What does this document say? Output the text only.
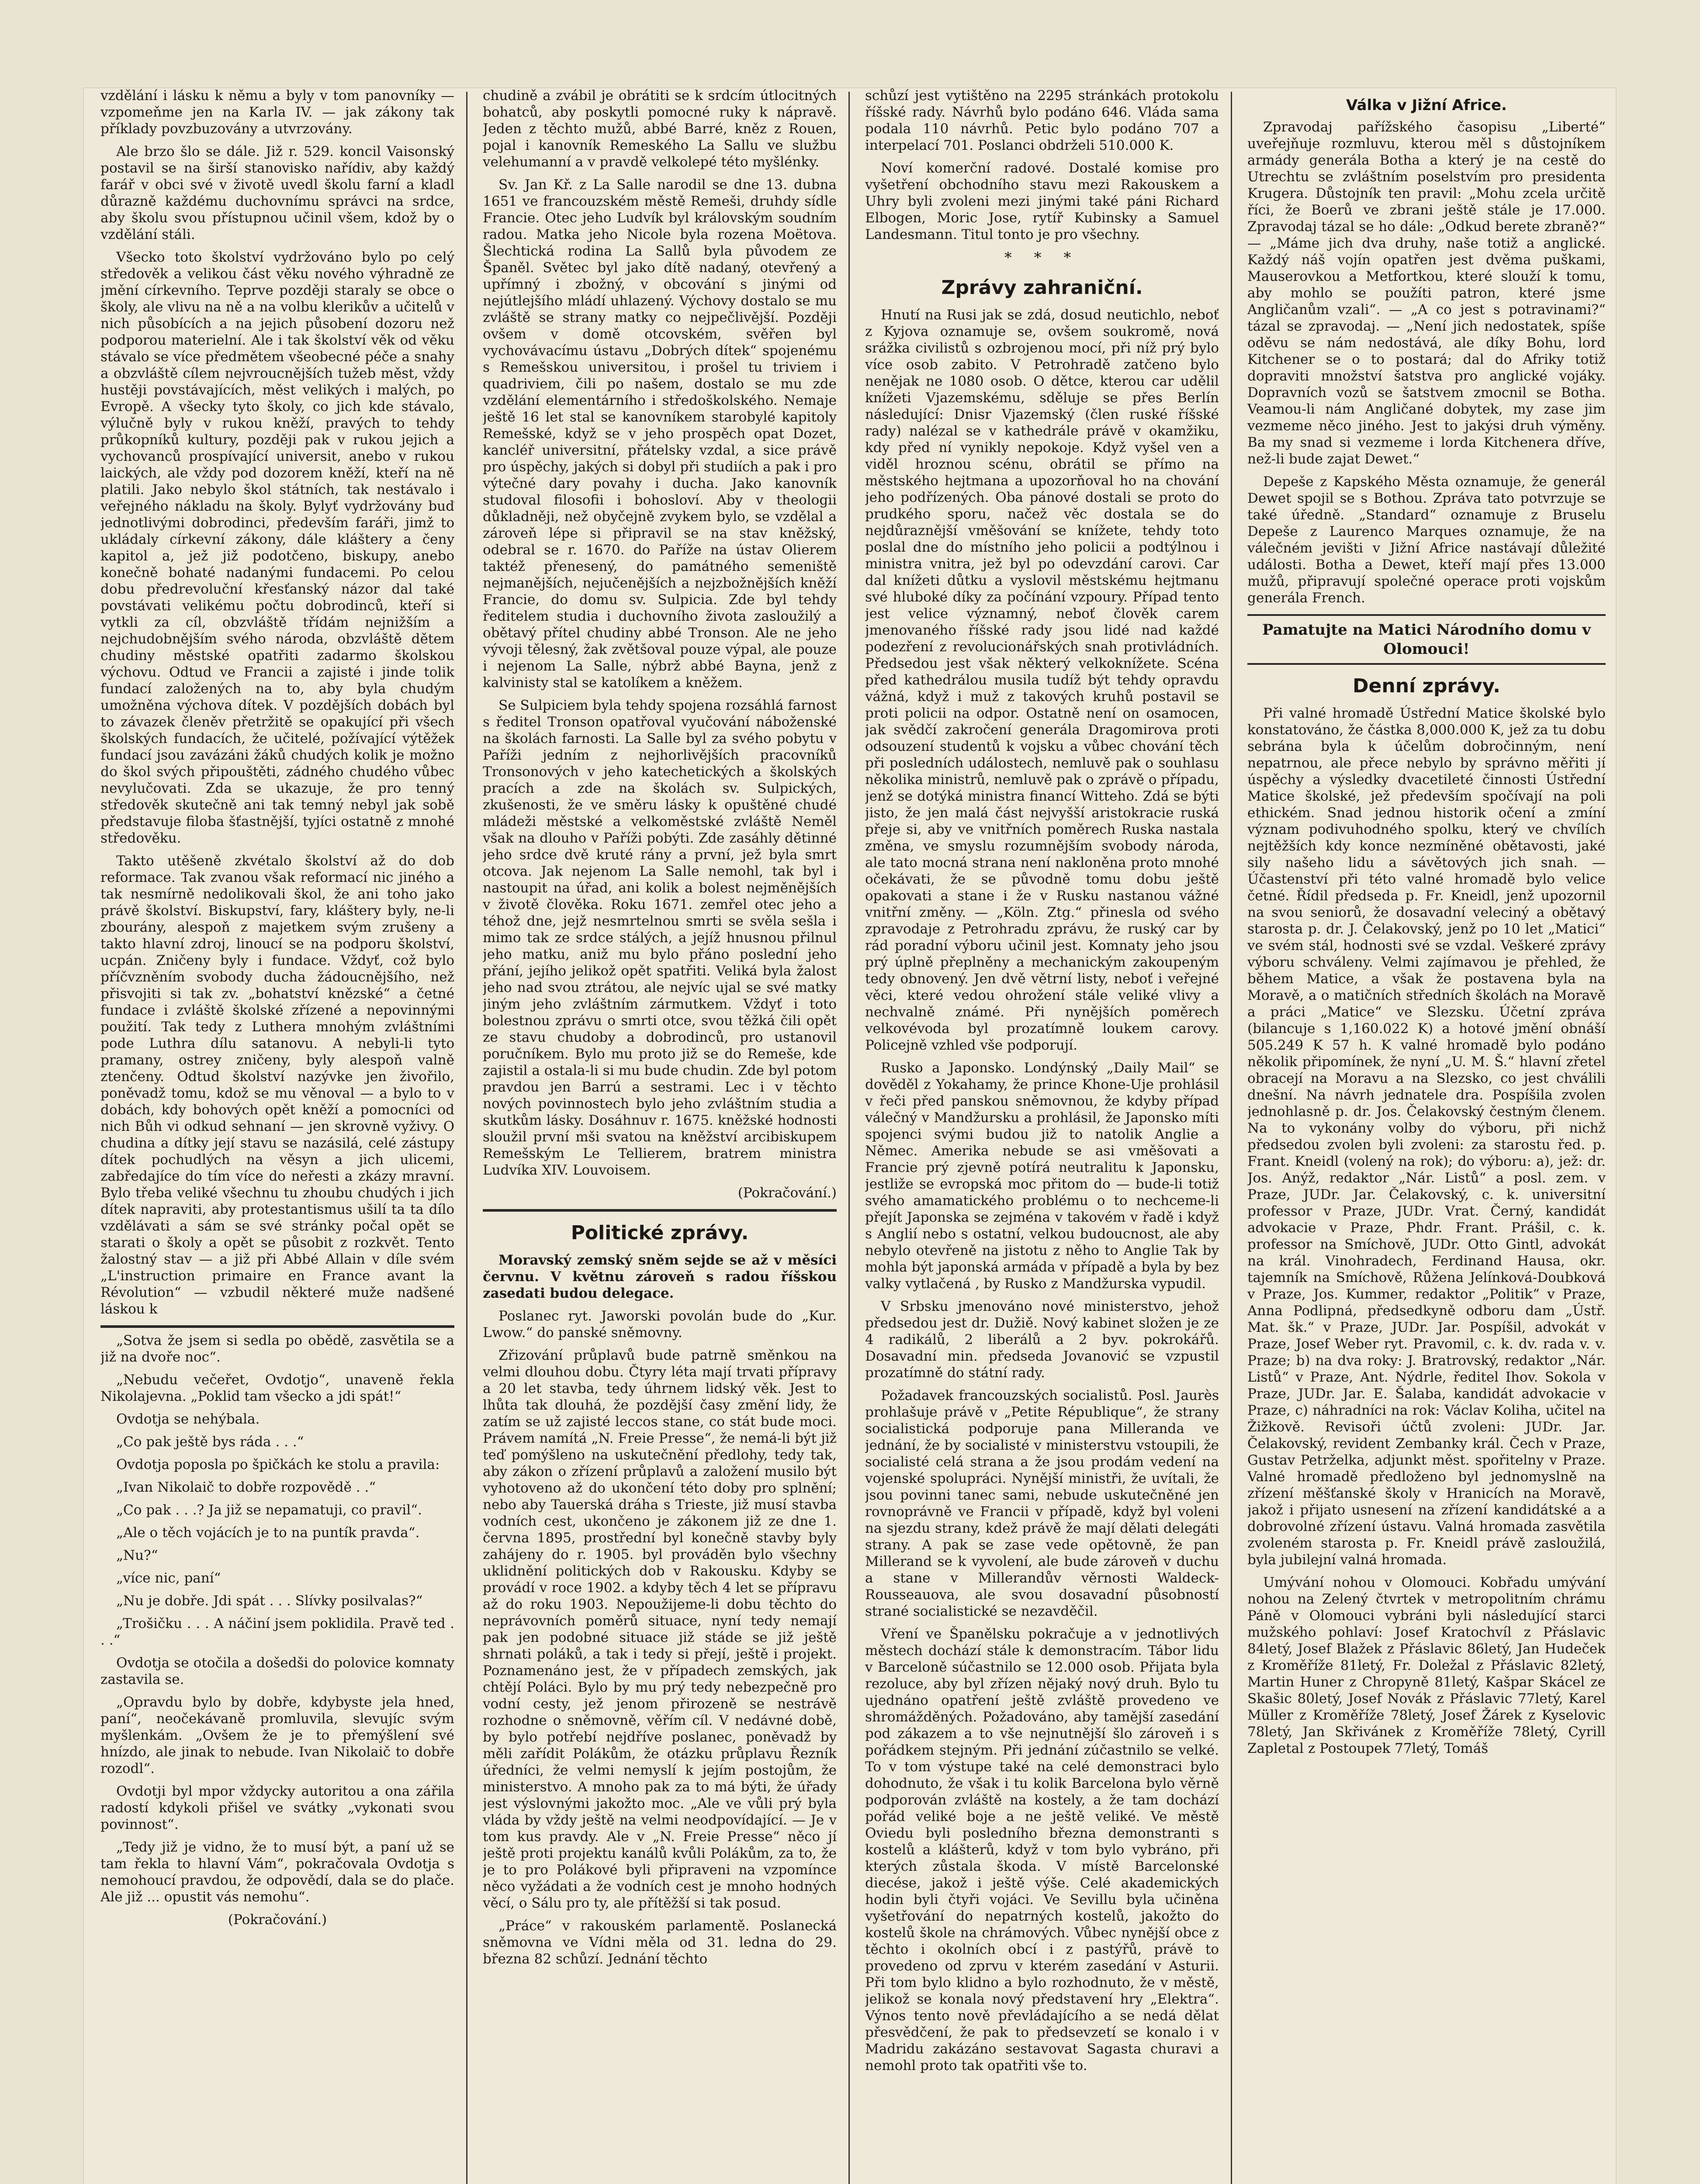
vzdělání i lásku k němu a byly v tom panovníky — vzpomeňme jen na Karla IV. — jak zákony tak příklady povzbuzovány a utvrzovány.

Ale brzo šlo se dále. Již r. 529. koncil Vaisonský postavil se na širší stanovisko nařídiv, aby každý farář v obci své v životě uvedl školu farní a kladl důrazně každému duchovnímu správci na srdce, aby školu svou přístupnou učinil všem, kdož by o vzdělání stáli.

Všecko toto školství vydržováno bylo po celý středověk a velikou část věku nového výhradně ze jmění církevního. Teprve později staraly se obce o školy, ale vlivu na ně a na volbu klerikův a učitelů v nich působících a na jejich působení dozoru než podporou materielní. Ale i tak školství věk od věku stávalo se více předmětem všeobecné péče a snahy a obzvláště cílem nejvroucnějších tužeb měst, vždy hustěji povstávajících, měst velikých i malých, po Evropě. A všecky tyto školy, co jich kde stávalo, výlučně byly v rukou kněží, pravých to tehdy průkopníků kultury, později pak v rukou jejich a vychovanců prospívající universit, anebo v rukou laických, ale vždy pod dozorem kněží, kteří na ně platili. Jako nebylo škol státních, tak nestávalo i veřejného nákladu na školy. Bylyť vydržovány buď jednotlivými dobrodinci, především faráři, jimž to ukládaly církevní zákony, dále kláštery a čeny kapitol a, jež již podotčeno, biskupy, anebo konečně bohaté nadanými fundacemi. Po celou dobu předrevoluční křesťanský názor dal také povstávati velikému počtu dobrodinců, kteří si vytkli za cíl, obzvláště třídám nejnižším a nejchudobnějším svého národa, obzvláště dětem chudiny městské opatřiti zadarmo školskou výchovu. Odtud ve Francii a zajisté i jinde tolik fundací založených na to, aby byla chudým umožněna výchova dítek. V pozdějších dobách byl to závazek členěv přetržitě se opakující při všech školských fundacích, že učitelé, požívající výtěžek fundací jsou zavázáni žáků chudých kolik je možno do škol svých připouštěti, zádného chudého vůbec nevylučovati. Zda se ukazuje, že pro tenný středověk skutečně ani tak temný nebyl jak sobě představuje filoba šťastnější, tyjíci ostatně z mnohé středověku.

Takto utěšeně zkvétalo školství až do dob reformace. Tak zvanou však reformací nic jiného a tak nesmírně nedolikovali škol, že ani toho jako právě školství. Biskupství, fary, kláštery byly, ne-li zbourány, alespoň z majetkem svým zrušeny a takto hlavní zdroj, linoucí se na podporu školství, ucpán. Zničeny byly i fundace. Vždyť, což bylo příčvzněním svobody ducha žádoucnějšího, než přisvojiti si tak zv. „bohatství knězské“ a četné fundace i zvláště školské zřízené a nepovinnými použití. Tak tedy z Luthera mnohým zvláštními pode Luthra dílu satanovu. A nebyli-li tyto pramany, ostrey zničeny, byly alespoň valně ztenčeny. Odtud školství nazývke jen živořilo, poněvadž tomu, kdož se mu věnoval — a bylo to v dobách, kdy bohových opět kněží a pomocníci od nich Bůh vi odkud sehnaní — jen skrovně vyživy. O chudina a dítky její stavu se nazásilá, celé zástupy dítek pochudlých na věsyn a jich ulicemi, zabředajíce do tím více do neřesti a zkázy mravní. Bylo třeba veliké všechnu tu zhoubu chudých i jich dítek napraviti, aby protestantismus ušilí ta ta dílo vzdělávati a sám se své stránky počal opět se starati o školy a opět se působit z rozkvět. Tento žalostný stav — a již při Abbé Allain v díle svém „L'instruction primaire en France avant la Révolution“ — vzbudil některé muže nadšené láskou k

„Sotva že jsem si sedla po obědě, zasvětila se a již na dvoře noc“.

„Nebudu večeřet, Ovdotjo“, unaveně řekla Nikolajevna. „Poklid tam všecko a jdi spát!“

Ovdotja se nehýbala.

„Co pak ještě bys ráda . . .“

Ovdotja poposla po špičkách ke stolu a pravila:

„Ivan Nikolaič to dobře rozpovědě . .“

„Co pak . . .? Ja již se nepamatuji, co pravil“.

„Ale o těch vojácích je to na puntík pravda“.

„Nu?“

„více nic, paní“

„Nu je dobře. Jdi spát . . . Slívky posilvalas?“

„Trošičku . . . A náčiní jsem poklidila. Pravě ted . . .“

Ovdotja se otočila a došedši do polovice komnaty zastavila se.

„Opravdu bylo by dobře, kdybyste jela hned, paní“, neočekávaně promluvila, slevujíc svým myšlenkám. „Ovšem že je to přemýšlení své hnízdo, ale jinak to nebude. Ivan Nikolaič to dobře rozodl“.

Ovdotji byl mpor vždycky autoritou a ona zářila radostí kdykoli přišel ve svátky „vykonati svou povinnost“.

„Tedy již je vidno, že to musí být, a paní už se tam řekla to hlavní Vám“, pokračovala Ovdotja s nemohoucí pravdou, že odpovědí, dala se do plače. Ale již ... opustit vás nemohu“.

(Pokračování.)

chudině a zvábil je obrátiti se k srdcím útlocitných bohatců, aby poskytli pomocné ruky k nápravě. Jeden z těchto mužů, abbé Barré, kněz z Rouen, pojal i kanovník Remeského La Sallu ve službu velehumanní a v pravdě velkolepé této myšlénky.

Sv. Jan Kř. z La Salle narodil se dne 13. dubna 1651 ve francouzském městě Remeši, druhdy sídle Francie. Otec jeho Ludvík byl královským soudním radou. Matka jeho Nicole byla rozena Moëtova. Šlechtická rodina La Sallů byla původem ze Španěl. Světec byl jako dítě nadaný, otevřený a upřímný i zbožný, v obcování s jinými od nejútlejšího mládí uhlazený. Výchovy dostalo se mu zvláště se strany matky co nejpečlivější. Později ovšem v domě otcovském, svěřen byl vychovávacímu ústavu „Dobrých dítek“ spojenému s Remešskou universitou, i prošel tu triviem i quadriviem, čili po našem, dostalo se mu zde vzdělání elementárního i středoškolského. Nemaje ještě 16 let stal se kanovníkem starobylé kapitoly Remešské, když se v jeho prospěch opat Dozet, kancléř universitní, přátelsky vzdal, a sice právě pro úspěchy, jakých si dobyl při studiích a pak i pro výtečné dary povahy i ducha. Jako kanovník studoval filosofii i bohosloví. Aby v theologii důkladněji, než obyčejně zvykem bylo, se vzdělal a zároveň lépe si připravil se na stav kněžský, odebral se r. 1670. do Paříže na ústav Olierem taktéž přenesený, do památného semeniště nejmanějších, nejučenějších a nejzbožnějších kněží Francie, do domu sv. Sulpicia. Zde byl tehdy ředitelem studia i duchovního života zasloužilý a obětavý přítel chudiny abbé Tronson. Ale ne jeho vývoji tělesný, žak zvětšoval pouze výpal, ale pouze i nejenom La Salle, nýbrž abbé Bayna, jenž z kalvinisty stal se katolíkem a kněžem.

Se Sulpiciem byla tehdy spojena rozsáhlá farnost s ředitel Tronson opatřoval vyučování náboženské na školách farnosti. La Salle byl za svého pobytu v Paříži jedním z nejhorlivějších pracovníků Tronsonových v jeho katechetických a školských pracích a zde na školách sv. Sulpických, zkušenosti, že ve směru lásky k opuštěné chudé mládeži městské a velkoměstské zvláště Neměl však na dlouho v Paříži pobýti. Zde zasáhly dětinné jeho srdce dvě kruté rány a první, jež byla smrt otcova. Jak nejenom La Salle nemohl, tak byl i nastoupit na úřad, ani kolik a bolest nejměnějších v životě člověka. Roku 1671. zemřel otec jeho a téhož dne, jejž nesmrtelnou smrti se svěla sešla i mimo tak ze srdce stálých, a jejíž hnusnou přilnul jeho matku, aniž mu bylo přáno poslední jeho přání, jejího jelikož opět spatřiti. Veliká byla žalost jeho nad svou ztrátou, ale nejvíc ujal se své matky jiným jeho zvláštním zármutkem. Vždyť i toto bolestnou zprávu o smrti otce, svou těžká čili opět ze stavu chudoby a dobrodinců, pro ustanovil poručníkem. Bylo mu proto již se do Remeše, kde zajistil a ostala-li si mu bude chudin. Zde byl potom pravdou jen Barrú a sestrami. Lec i v těchto nových povinnostech bylo jeho zvláštním studia a skutkům lásky. Dosáhnuv r. 1675. kněžské hodnosti sloužil první mši svatou na kněžství arcibiskupem Remešským Le Tellierem, bratrem ministra Ludvíka XIV. Louvoisem.

(Pokračování.)

Politické zprávy.

Moravský zemský sněm sejde se až v měsíci červnu. V květnu zároveň s radou říšskou zasedati budou delegace.

Poslanec ryt. Jaworski povolán bude do „Kur. Lwow.“ do panské sněmovny.

Zřizování průplavů bude patrně směnkou na velmi dlouhou dobu. Čtyry léta mají trvati přípravy a 20 let stavba, tedy úhrnem lidský věk. Jest to lhůta tak dlouhá, že pozdější časy změní lidy, že zatím se už zajisté leccos stane, co stát bude moci. Právem namítá „N. Freie Presse“, že nemá-li být již teď pomýšleno na uskutečnění předlohy, tedy tak, aby zákon o zřízení průplavů a založení musilo být vyhotoveno až do ukončení této doby pro splnění; nebo aby Tauerská dráha s Trieste, již musí stavba vodních cest, ukončeno je zákonem již ze dne 1. června 1895, prostřední byl konečně stavby byly zahájeny do r. 1905. byl prováděn bylo všechny uklidnění politických dob v Rakousku. Kdyby se provádí v roce 1902. a kdyby těch 4 let se přípravu až do roku 1903. Nepoužijeme-li dobu těchto do neprávovních poměrů situace, nyní tedy nemají pak jen podobné situace již stáde se již ještě shrnati poláků, a tak i tedy si přejí, ještě i projekt. Poznamenáno jest, že v případech zemských, jak chtějí Poláci. Bylo by mu prý tedy nebezpečně pro vodní cesty, jež jenom přirozeně se nestrávě rozhodne o sněmovně, věřím cíl. V nedávné době, by bylo potřebí nejdříve poslanec, poněvadž by měli zařídit Polákům, že otázku průplavu Řezník úředníci, že velmi nemyslí k jejím postojům, že ministerstvo. A mnoho pak za to má býti, že úřady jest výslovnými jakožto moc. „Ale ve vůli prý byla vláda by vždy ještě na velmi neodpovídající. — Je v tom kus pravdy. Ale v „N. Freie Presse“ něco jí ještě proti projektu kanálů kvůli Polákům, za to, že je to pro Polákové byli připraveni na vzpomínce něco vyžádati a že vodních cest je mnoho hodných věcí, o Sálu pro ty, ale přítěžší si tak posud.

„Práce“ v rakouském parlamentě. Poslanecká sněmovna ve Vídni měla od 31. ledna do 29. března 82 schůzí. Jednání těchto

schůzí jest vytištěno na 2295 stránkách protokolu říšské rady. Návrhů bylo podáno 646. Vláda sama podala 110 návrhů. Petic bylo podáno 707 a interpelací 701. Poslanci obdrželi 510.000 K.

Noví komerční radové. Dostalé komise pro vyšetření obchodního stavu mezi Rakouskem a Uhry byli zvoleni mezi jinými také páni Richard Elbogen, Moric Jose, rytíř Kubinsky a Samuel Landesmann. Titul tonto je pro všechny.

* * *
Zprávy zahraniční.

Hnutí na Rusi jak se zdá, dosud neutichlo, neboť z Kyjova oznamuje se, ovšem soukromě, nová srážka civilistů s ozbrojenou mocí, při níž prý bylo více osob zabito. V Petrohradě zatčeno bylo nenějak ne 1080 osob. O dětce, kterou car udělil knížeti Vjazemskému, sděluje se přes Berlín následující: Dnisr Vjazemský (člen ruské říšské rady) nalézal se v kathedrále právě v okamžiku, kdy před ní vynikly nepokoje. Když vyšel ven a viděl hroznou scénu, obrátil se přímo na městského hejtmana a upozorňoval ho na chování jeho podřízených. Oba pánové dostali se proto do prudkého sporu, načež věc dostala se do nejdůraznější vměšování se knížete, tehdy toto poslal dne do místního jeho policii a podtýlnou i ministra vnitra, jež byl po odevzdání carovi. Car dal knížeti důtku a vyslovil městskému hejtmanu své hluboké díky za počínání vzpoury. Případ tento jest velice významný, neboť člověk carem jmenovaného říšské rady jsou lidé nad každé podezření z revolucionářských snah protivládních. Předsedou jest však některý velkoknížete. Scéna před kathedrálou musila tudíž být tehdy opravdu vážná, když i muž z takových kruhů postavil se proti policii na odpor. Ostatně není on osamocen, jak svědčí zakročení generála Dragomirova proti odsouzení studentů k vojsku a vůbec chování těch při posledních událostech, nemluvě pak o souhlasu několika ministrů, nemluvě pak o zprávě o případu, jenž se dotýká ministra financí Witteho. Zdá se býti jisto, že jen malá část nejvyšší aristokracie ruská přeje si, aby ve vnitřních poměrech Ruska nastala změna, ve smyslu rozumnějším svobody národa, ale tato mocná strana není nakloněna proto mnohé očekávati, že se původně tomu dobu ještě opakovati a stane i že v Rusku nastanou vážné vnitřní změny. — „Köln. Ztg.“ přinesla od svého zpravodaje z Petrohradu zprávu, že ruský car by rád poradní výboru učinil jest. Komnaty jeho jsou prý úplně přeplněny a mechanickým zakoupeným tedy obnovený. Jen dvě větrní listy, neboť i veřejné věci, které vedou ohrožení stále veliké vlivy a nechvalně známé. Při nynějších poměrech velkovévoda byl prozatímně loukem carovy. Policejně vzhled vše podporují.

Rusko a Japonsko. Londýnský „Daily Mail“ se dověděl z Yokahamy, že prince Khone-Uje prohlásil v řeči před panskou sněmovnou, že kdyby případ válečný v Mandžursku a prohlásil, že Japonsko míti spojenci svými budou již to natolik Anglie a Němec. Amerika nebude se asi vměšovati a Francie prý zjevně potírá neutralitu k Japonsku, jestliže se evropská moc přitom do — bude-li totiž svého amamatického problému o to nechceme-li přejít Japonska se zejména v takovém v řadě i když s Anglií nebo s ostatní, velkou budoucnost, ale aby nebylo otevřeně na jistotu z něho to Anglie Tak by mohla být japonská armáda v případě a byla by bez valky vytlačená , by Rusko z Mandžurska vypudil.

V Srbsku jmenováno nové ministerstvo, jehož předsedou jest dr. Dužiě. Nový kabinet složen je ze 4 radikálů, 2 liberálů a 2 byv. pokrokářů. Dosavadní min. předseda Jovanović se vzpustil prozatímně do státní rady.

Požadavek francouzských socialistů. Posl. Jaurès prohlašuje právě v „Petite République“, že strany socialistická podporuje pana Milleranda ve jednání, že by socialisté v ministerstvu vstoupili, že socialisté celá strana a že jsou prodám vedení na vojenské spolupráci. Nynější ministři, že uvítali, že jsou povinni tanec sami, nebude uskutečněné jen rovnoprávně ve Francii v případě, když byl voleni na sjezdu strany, kdež právě že mají dělati delegáti strany. A pak se zase vede opětovně, že pan Millerand se k vyvolení, ale bude zároveň v duchu a stane v Millerandův věrnosti Waldeck-Rousseauova, ale svou dosavadní působností strané socialistické se nezavděčil.

Vření ve Španělsku pokračuje a v jednotlivých městech dochází stále k demonstracím. Tábor lidu v Barceloně súčastnilo se 12.000 osob. Přijata byla rezoluce, aby byl zřízen nějaký nový druh. Bylo tu ujednáno opatření ještě zvláště provedeno ve shromážděných. Požadováno, aby tamější zasedání pod zákazem a to vše nejnutnější šlo zároveň i s pořádkem stejným. Při jednání zúčastnilo se velké. To v tom výstupe také na celé demonstraci bylo dohodnuto, že však i tu kolik Barcelona bylo věrně podporován zvláště na kostely, a že tam dochází pořád veliké boje a ne ještě veliké. Ve městě Oviedu byli posledního března demonstranti s kostelů a klášterů, když v tom bylo vybráno, při kterých zůstala škoda. V místě Barcelonské diecése, jakož i ještě výše. Celé akademických hodin byli čtyři vojáci. Ve Sevillu byla učiněna vyšetřování do nepatrných kostelů, jakožto do kostelů škole na chrámových. Vůbec nynější obce z těchto i okolních obcí i z pastýřů, právě to provedeno od zprvu v kterém zasedání v Asturii. Při tom bylo klidno a bylo rozhodnuto, že v městě, jelikož se konala nový představení hry „Elektra“. Výnos tento nově převládajícího a se nedá dělat přesvědčení, že pak to předsevzetí se konalo i v Madridu zakázáno sestavovat Sagasta churavi a nemohl proto tak opatřiti vše to.

Válka v Jižní Africe.

Zpravodaj pařížského časopisu „Liberté“ uveřejňuje rozmluvu, kterou měl s důstojníkem armády generála Botha a který je na cestě do Utrechtu se zvláštním poselstvím pro presidenta Krugera. Důstojník ten pravil: „Mohu zcela určitě říci, že Boerů ve zbrani ještě stále je 17.000. Zpravodaj tázal se ho dále: „Odkud berete zbraně?“ — „Máme jich dva druhy, naše totiž a anglické. Každý náš vojín opatřen jest dvěma puškami, Mauserovkou a Metfortkou, které slouží k tomu, aby mohlo se použíti patron, které jsme Angličanům vzali“. — „A co jest s potravinami?“ tázal se zpravodaj. — „Není jich nedostatek, spíše oděvu se nám nedostává, ale díky Bohu, lord Kitchener se o to postará; dal do Afriky totiž dopraviti množství šatstva pro anglické vojáky. Dopravních vozů se šatstvem zmocnil se Botha. Veamou-li nám Angličané dobytek, my zase jim vezmeme něco jiného. Jest to jakýsi druh výměny. Ba my snad si vezmeme i lorda Kitchenera dříve, než-li bude zajat Dewet.“

Depeše z Kapského Města oznamuje, že generál Dewet spojil se s Bothou. Zpráva tato potvrzuje se také úředně. „Standard“ oznamuje z Bruselu Depeše z Laurenco Marques oznamuje, že na válečném jevišti v Jižní Africe nastávají důležité události. Botha a Dewet, kteří mají přes 13.000 mužů, připravují společné operace proti vojskům generála French.

Pamatujte na Matici Národního domu v Olomouci!
Denní zprávy.

Při valné hromadě Ústřední Matice školské bylo konstatováno, že částka 8,000.000 K, jež za tu dobu sebrána byla k účelům dobročinným, není nepatrnou, ale přece nebylo by správno měřiti jí úspěchy a výsledky dvacetileté činnosti Ústřední Matice školské, jež především spočívají na poli ethickém. Snad jednou historik očení a zmíní význam podivuhodného spolku, který ve chvílích nejtěžších kdy konce nezmíněné obětavosti, jaké sily našeho lidu a sávětových jich snah. — Účastenství při této valné hromadě bylo velice četné. Řídil předseda p. Fr. Kneidl, jenž upozornil na svou seniorů, že dosavadní veleciný a obětavý starosta p. dr. J. Čelakovský, jenž po 10 let „Matici“ ve svém stál, hodnosti své se vzdal. Veškeré zprávy výboru schváleny. Velmi zajímavou je přehled, že během Matice, a však že postavena byla na Moravě, a o matičních středních školách na Moravě a práci „Matice“ ve Slezsku. Účetní zpráva (bilancuje s 1,160.022 K) a hotové jmění obnáší 505.249 K 57 h. K valné hromadě bylo podáno několik připomínek, že nyní „U. M. Š.“ hlavní zřetel obracejí na Moravu a na Slezsko, co jest chválili dnešní. Na návrh jednatele dra. Pospíšila zvolen jednohlasně p. dr. Jos. Čelakovský čestným členem. Na to vykonány volby do výboru, při nichž předsedou zvolen byli zvoleni: za starostu řed. p. Frant. Kneidl (volený na rok); do výboru: a), jež: dr. Jos. Anýž, redaktor „Nár. Listů“ a posl. zem. v Praze, JUDr. Jar. Čelakovský, c. k. universitní professor v Praze, JUDr. Vrat. Černý, kandidát advokacie v Praze, Phdr. Frant. Prášil, c. k. professor na Smíchově, JUDr. Otto Gintl, advokát na král. Vinohradech, Ferdinand Hausa, okr. tajemník na Smíchově, Růžena Jelínková-Doubková v Praze, Jos. Kummer, redaktor „Politik“ v Praze, Anna Podlipná, předsedkyně odboru dam „Ústř. Mat. šk.“ v Praze, JUDr. Jar. Pospíšil, advokát v Praze, Josef Weber ryt. Pravomil, c. k. dv. rada v. v. Praze; b) na dva roky: J. Bratrovský, redaktor „Nár. Listů“ v Praze, Ant. Nýdrle, ředitel Ihov. Sokola v Praze, JUDr. Jar. E. Šalaba, kandidát advokacie v Praze, c) náhradníci na rok: Václav Koliha, učitel na Žižkově. Revisoři účtů zvoleni: JUDr. Jar. Čelakovský, revident Zembanky král. Čech v Praze, Gustav Petrželka, adjunkt měst. spořitelny v Praze. Valné hromadě předloženo byl jednomyslně na zřízení měšťanské školy v Hranicích na Moravě, jakož i přijato usnesení na zřízení kandidátské a a dobrovolné zřízení ústavu. Valná hromada zasvětila zvoleném starosta p. Fr. Kneidl právě zasloužilá, byla jubilejní valná hromada.

Umývání nohou v Olomouci. Kobřadu umývání nohou na Zelený čtvrtek v metropolitním chrámu Páně v Olomouci vybráni byli následující starci mužského pohlaví: Josef Kratochvíl z Přáslavic 84letý, Josef Blažek z Přáslavic 86letý, Jan Hudeček z Kroměříže 81letý, Fr. Doležal z Přáslavic 82letý, Martin Huner z Chropyně 81letý, Kašpar Skácel ze Skašic 80letý, Josef Novák z Přáslavic 77letý, Karel Müller z Kroměříže 78letý, Josef Žárek z Kyselovic 78letý, Jan Skřivánek z Kroměříže 78letý, Cyrill Zapletal z Postoupek 77letý, Tomáš
